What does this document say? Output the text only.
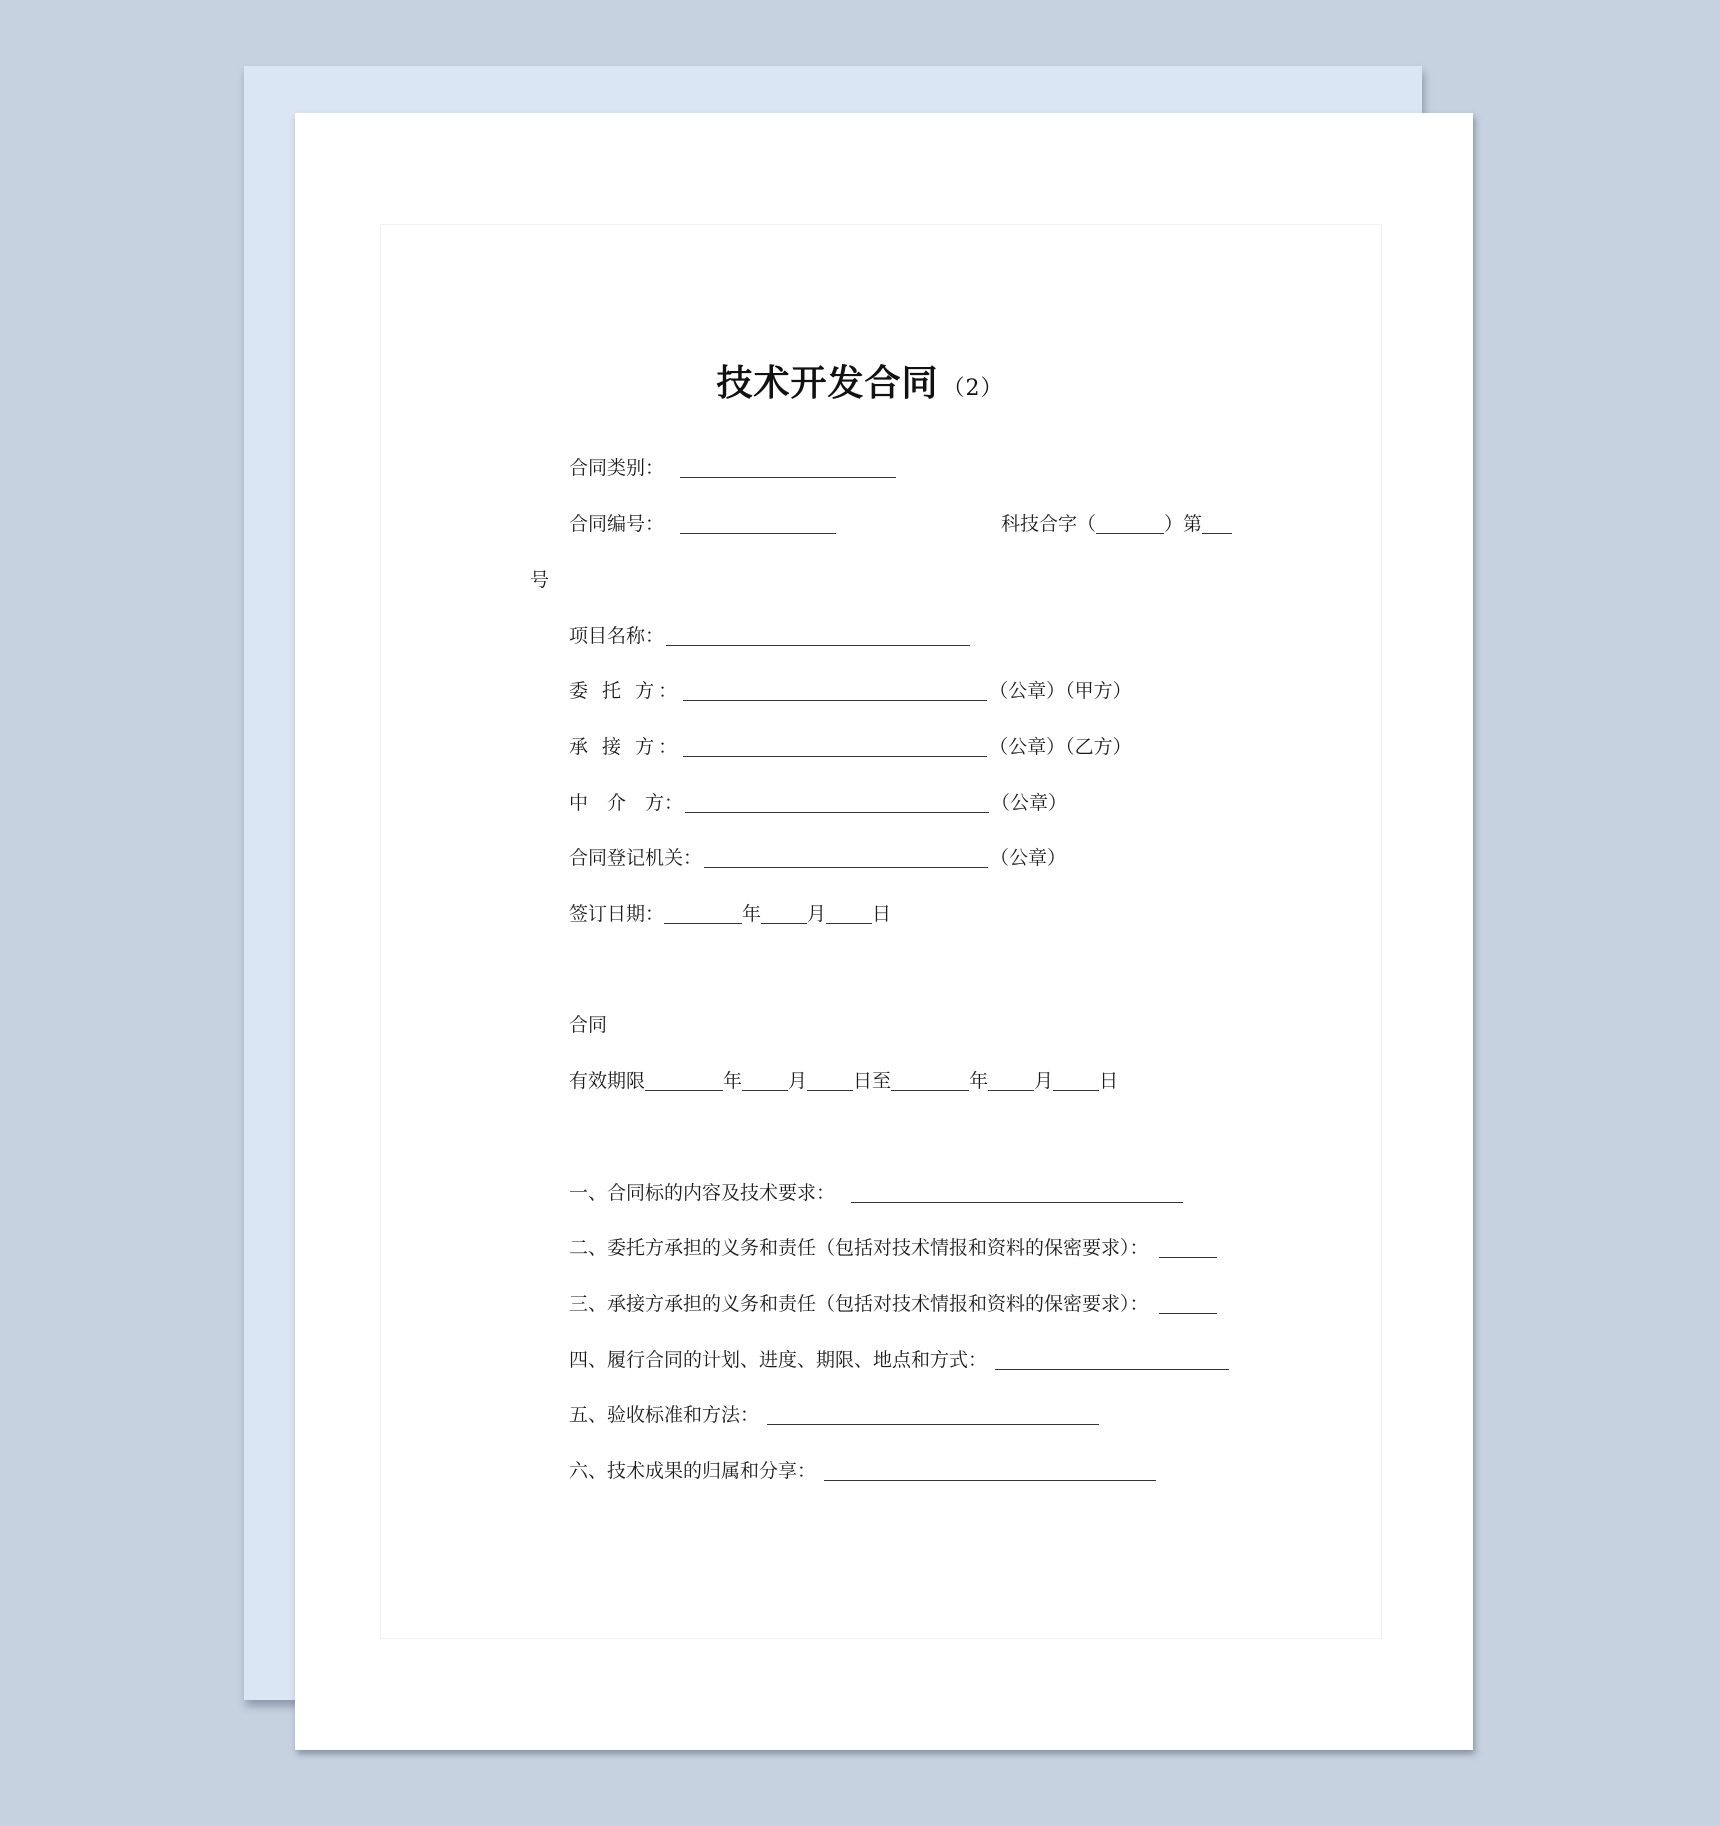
技术开发合同 （2）
合同类别：
合同编号：	科技合字（	）第
号
项目名称：
委 托 方：	（公章）（甲方）
承 接 方：	（公章）（乙方）
中　介　方：	（公章）
合同登记机关：	（公章）
签订日期：	年 月 日
合同
有效期限	年 月 日至	年 月 日
一、合同标的内容及技术要求：
二、委托方承担的义务和责任（包括对技术情报和资料的保密要求）：
三、承接方承担的义务和责任（包括对技术情报和资料的保密要求）：
四、履行合同的计划、进度、期限、地点和方式：
五、验收标准和方法：
六、技术成果的归属和分享：
